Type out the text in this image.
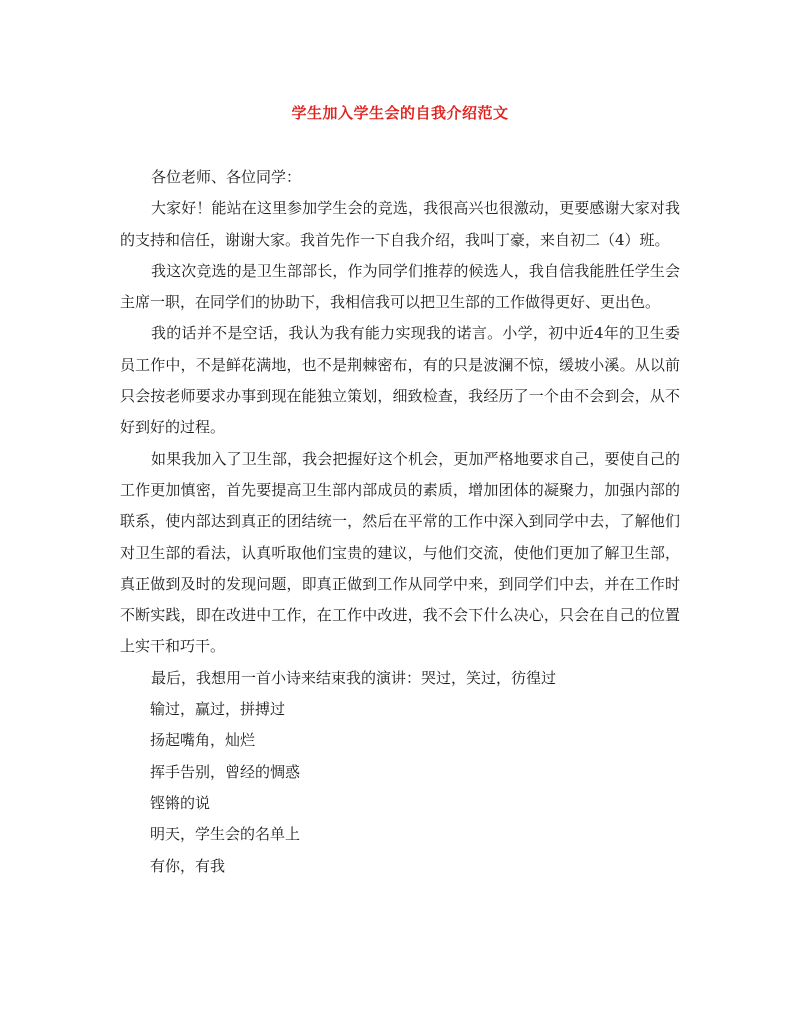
学生加入学生会的自我介绍范文

各位老师、各位同学：

大家好！能站在这里参加学生会的竞选，我很高兴也很激动，更要感谢大家对我的支持和信任，谢谢大家。我首先作一下自我介绍，我叫丁豪，来自初二（4）班。

我这次竞选的是卫生部部长，作为同学们推荐的候选人，我自信我能胜任学生会主席一职，在同学们的协助下，我相信我可以把卫生部的工作做得更好、更出色。

我的话并不是空话，我认为我有能力实现我的诺言。小学，初中近4年的卫生委员工作中，不是鲜花满地，也不是荆棘密布，有的只是波澜不惊，缓坡小溪。从以前只会按老师要求办事到现在能独立策划，细致检查，我经历了一个由不会到会，从不好到好的过程。

如果我加入了卫生部，我会把握好这个机会，更加严格地要求自己，要使自己的工作更加慎密，首先要提高卫生部内部成员的素质，增加团体的凝聚力，加强内部的联系，使内部达到真正的团结统一，然后在平常的工作中深入到同学中去，了解他们对卫生部的看法，认真听取他们宝贵的建议，与他们交流，使他们更加了解卫生部，真正做到及时的发现问题，即真正做到工作从同学中来，到同学们中去，并在工作时不断实践，即在改进中工作，在工作中改进，我不会下什么决心，只会在自己的位置上实干和巧干。

最后，我想用一首小诗来结束我的演讲：哭过，笑过，彷徨过

输过，赢过，拼搏过

扬起嘴角，灿烂

挥手告别，曾经的惆惑

铿锵的说

明天，学生会的名单上

有你，有我
